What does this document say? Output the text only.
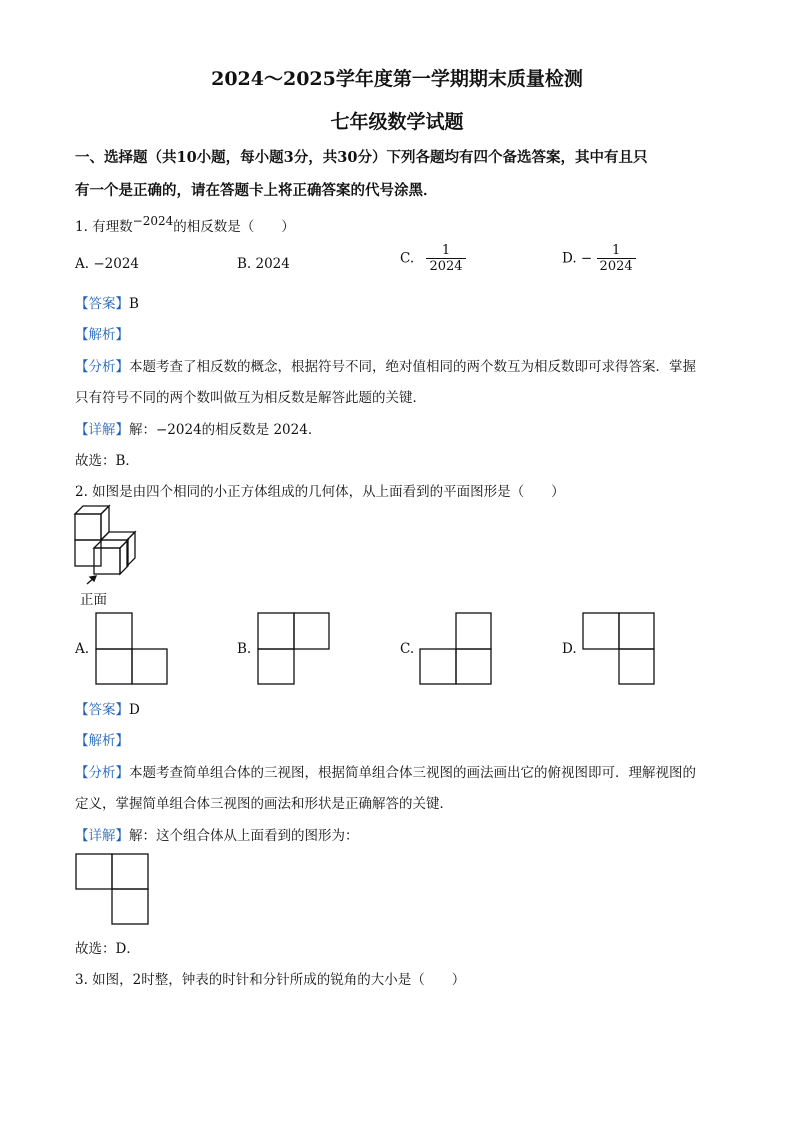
2024～2025学年度第一学期期末质量检测
七年级数学试题
一、选择题（共10小题，每小题3分，共30分）下列各题均有四个备选答案，其中有且只
有一个是正确的，请在答题卡上将正确答案的代号涂黑．
1. 有理数−2024的相反数是（　　）
A. −2024	B. 2024	C. $\frac{1}{2024}$	D. − $\frac{1}{2024}$
【答案】B
【解析】
【分析】本题考查了相反数的概念，根据符号不同，绝对值相同的两个数互为相反数即可求得答案．掌握
只有符号不同的两个数叫做互为相反数是解答此题的关键．
【详解】解：−2024的相反数是 2024．
故选：B．
2. 如图是由四个相同的小正方体组成的几何体，从上面看到的平面图形是（　　）
正面
A.	B.	C.	D.
【答案】D
【解析】
【分析】本题考查简单组合体的三视图，根据简单组合体三视图的画法画出它的俯视图即可．理解视图的
定义，掌握简单组合体三视图的画法和形状是正确解答的关键．
【详解】解：这个组合体从上面看到的图形为：
故选：D．
3. 如图，2时整，钟表的时针和分针所成的锐角的大小是（　　）
